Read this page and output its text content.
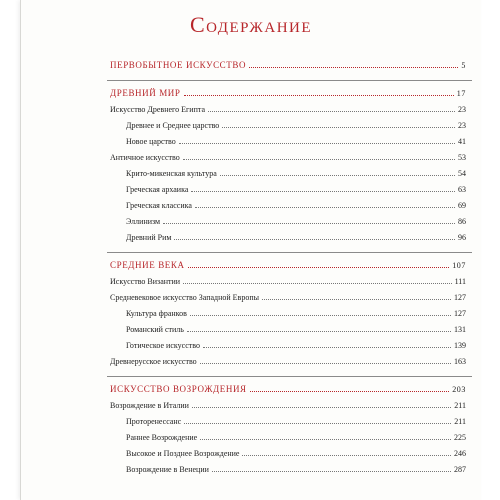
Содержание
ПЕРВОБЫТНОЕ ИСКУССТВО	5
ДРЕВНИЙ МИР	17
Искусство Древнего Египта	23
Древнее и Среднее царство	23
Новое царство	41
Античное искусство	53
Крито-микенская культура	54
Греческая архаика	63
Греческая классика	69
Эллинизм	86
Древний Рим	96
СРЕДНИЕ ВЕКА	107
Искусство Византии	111
Средневековое искусство Западной Европы	127
Культура франков	127
Романский стиль	131
Готическое искусство	139
Древнерусское искусство	163
ИСКУССТВО ВОЗРОЖДЕНИЯ	203
Возрождение в Италии	211
Проторенессанс	211
Раннее Возрождение	225
Высокое и Позднее Возрождение	246
Возрождение в Венеции	287
